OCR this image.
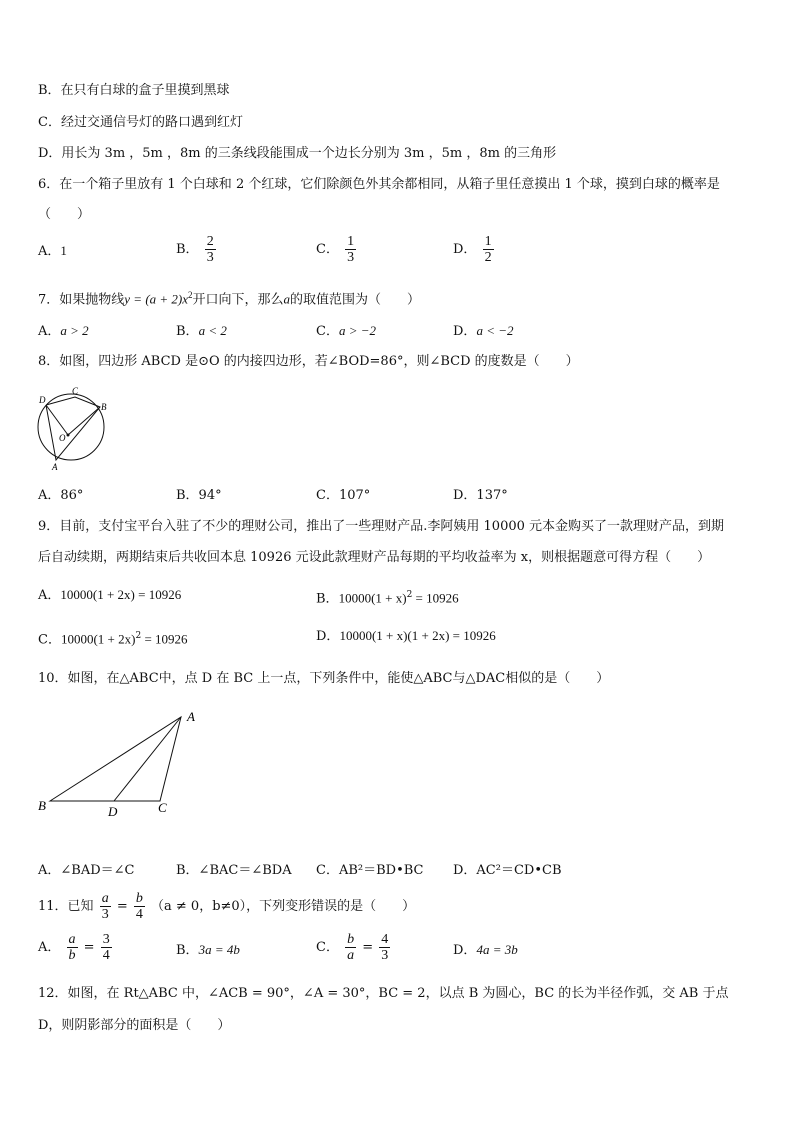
B．在只有白球的盒子里摸到黑球
C．经过交通信号灯的路口遇到红灯
D．用长为 3m ，5m ，8m 的三条线段能围成一个边长分别为 3m ，5m ，8m 的三角形
6．在一个箱子里放有 1 个白球和 2 个红球，它们除颜色外其余都相同，从箱子里任意摸出 1 个球，摸到白球的概率是
（　　）
A．1	B． $\frac{2}{3}$	C． $\frac{1}{3}$	D． $\frac{1}{2}$
7．如果抛物线$y = (a + 2)x^2$开口向下，那么a的取值范围为（　　）
A．a > 2	B．a < 2	C．a > −2	D．a < −2
8．如图，四边形 ABCD 是⊙O 的内接四边形，若∠BOD=86°，则∠BCD 的度数是（　　）
D
C
B
O
A
A．86°	B．94°	C．107°	D．137°
9．目前，支付宝平台入驻了不少的理财公司，推出了一些理财产品.李阿姨用 10000 元本金购买了一款理财产品，到期
后自动续期，两期结束后共收回本息 10926 元设此款理财产品每期的平均收益率为 x，则根据题意可得方程（　　）
A．10000(1 + 2x) = 10926	B．$10000(1 + x)^2 = 10926$
C．$10000(1 + 2x)^2 = 10926$	D．10000(1 + x)(1 + 2x) = 10926
10．如图，在△ABC中，点 D 在 BC 上一点，下列条件中，能使△ABC与△DAC相似的是（　　）
A
B	D	C
A．∠BAD＝∠C	B．∠BAC＝∠BDA C．AB²＝BD•BC D．AC²＝CD•CB
11．已知 $\frac{a}{3} = \frac{b}{4} (a \ne 0$，b≠0），下列变形错误的是（　　）
A． $\frac{a}{b} = \frac{3}{4}$	B．3a = 4b	C． $\frac{b}{a} = \frac{4}{3}$	D．4a = 3b
12．如图，在 Rt△ABC 中，∠ACB = 90°，∠A = 30°，BC = 2，以点 B 为圆心，BC 的长为半径作弧，交 AB 于点
D，则阴影部分的面积是（　　）
